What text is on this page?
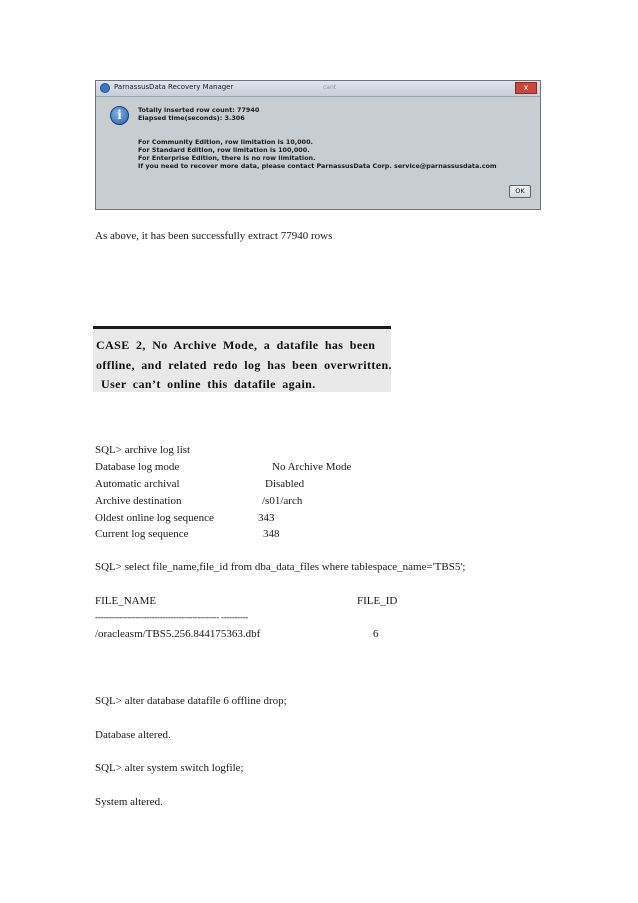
ParnassusData Recovery Manager	cant	x
i	Totally inserted row count: 77940
Elapsed time(seconds): 3.306
For Community Edition, row limitation is 10,000.
For Standard Edition, row limitation is 100,000.
For Enterprise Edition, there is no row limitation.
If you need to recover more data, please contact ParnassusData Corp. service@parnassusdata.com
OK
As above, it has been successfully extract 77940 rows
CASE 2, No Archive Mode, a datafile has been
offline, and related redo log has been overwritten.
User can’t online this datafile again.
SQL> archive log list
Database log mode	No Archive Mode
Automatic archival	Disabled
Archive destination	/s01/arch
Oldest online log sequence	343
Current log sequence	348
SQL> select file_name,file_id from dba_data_files where tablespace_name='TBS5';
FILE_NAME	FILE_ID
---------------------------------------------- ----------
/oracleasm/TBS5.256.844175363.dbf	6
SQL> alter database datafile 6 offline drop;
Database altered.
SQL> alter system switch logfile;
System altered.
